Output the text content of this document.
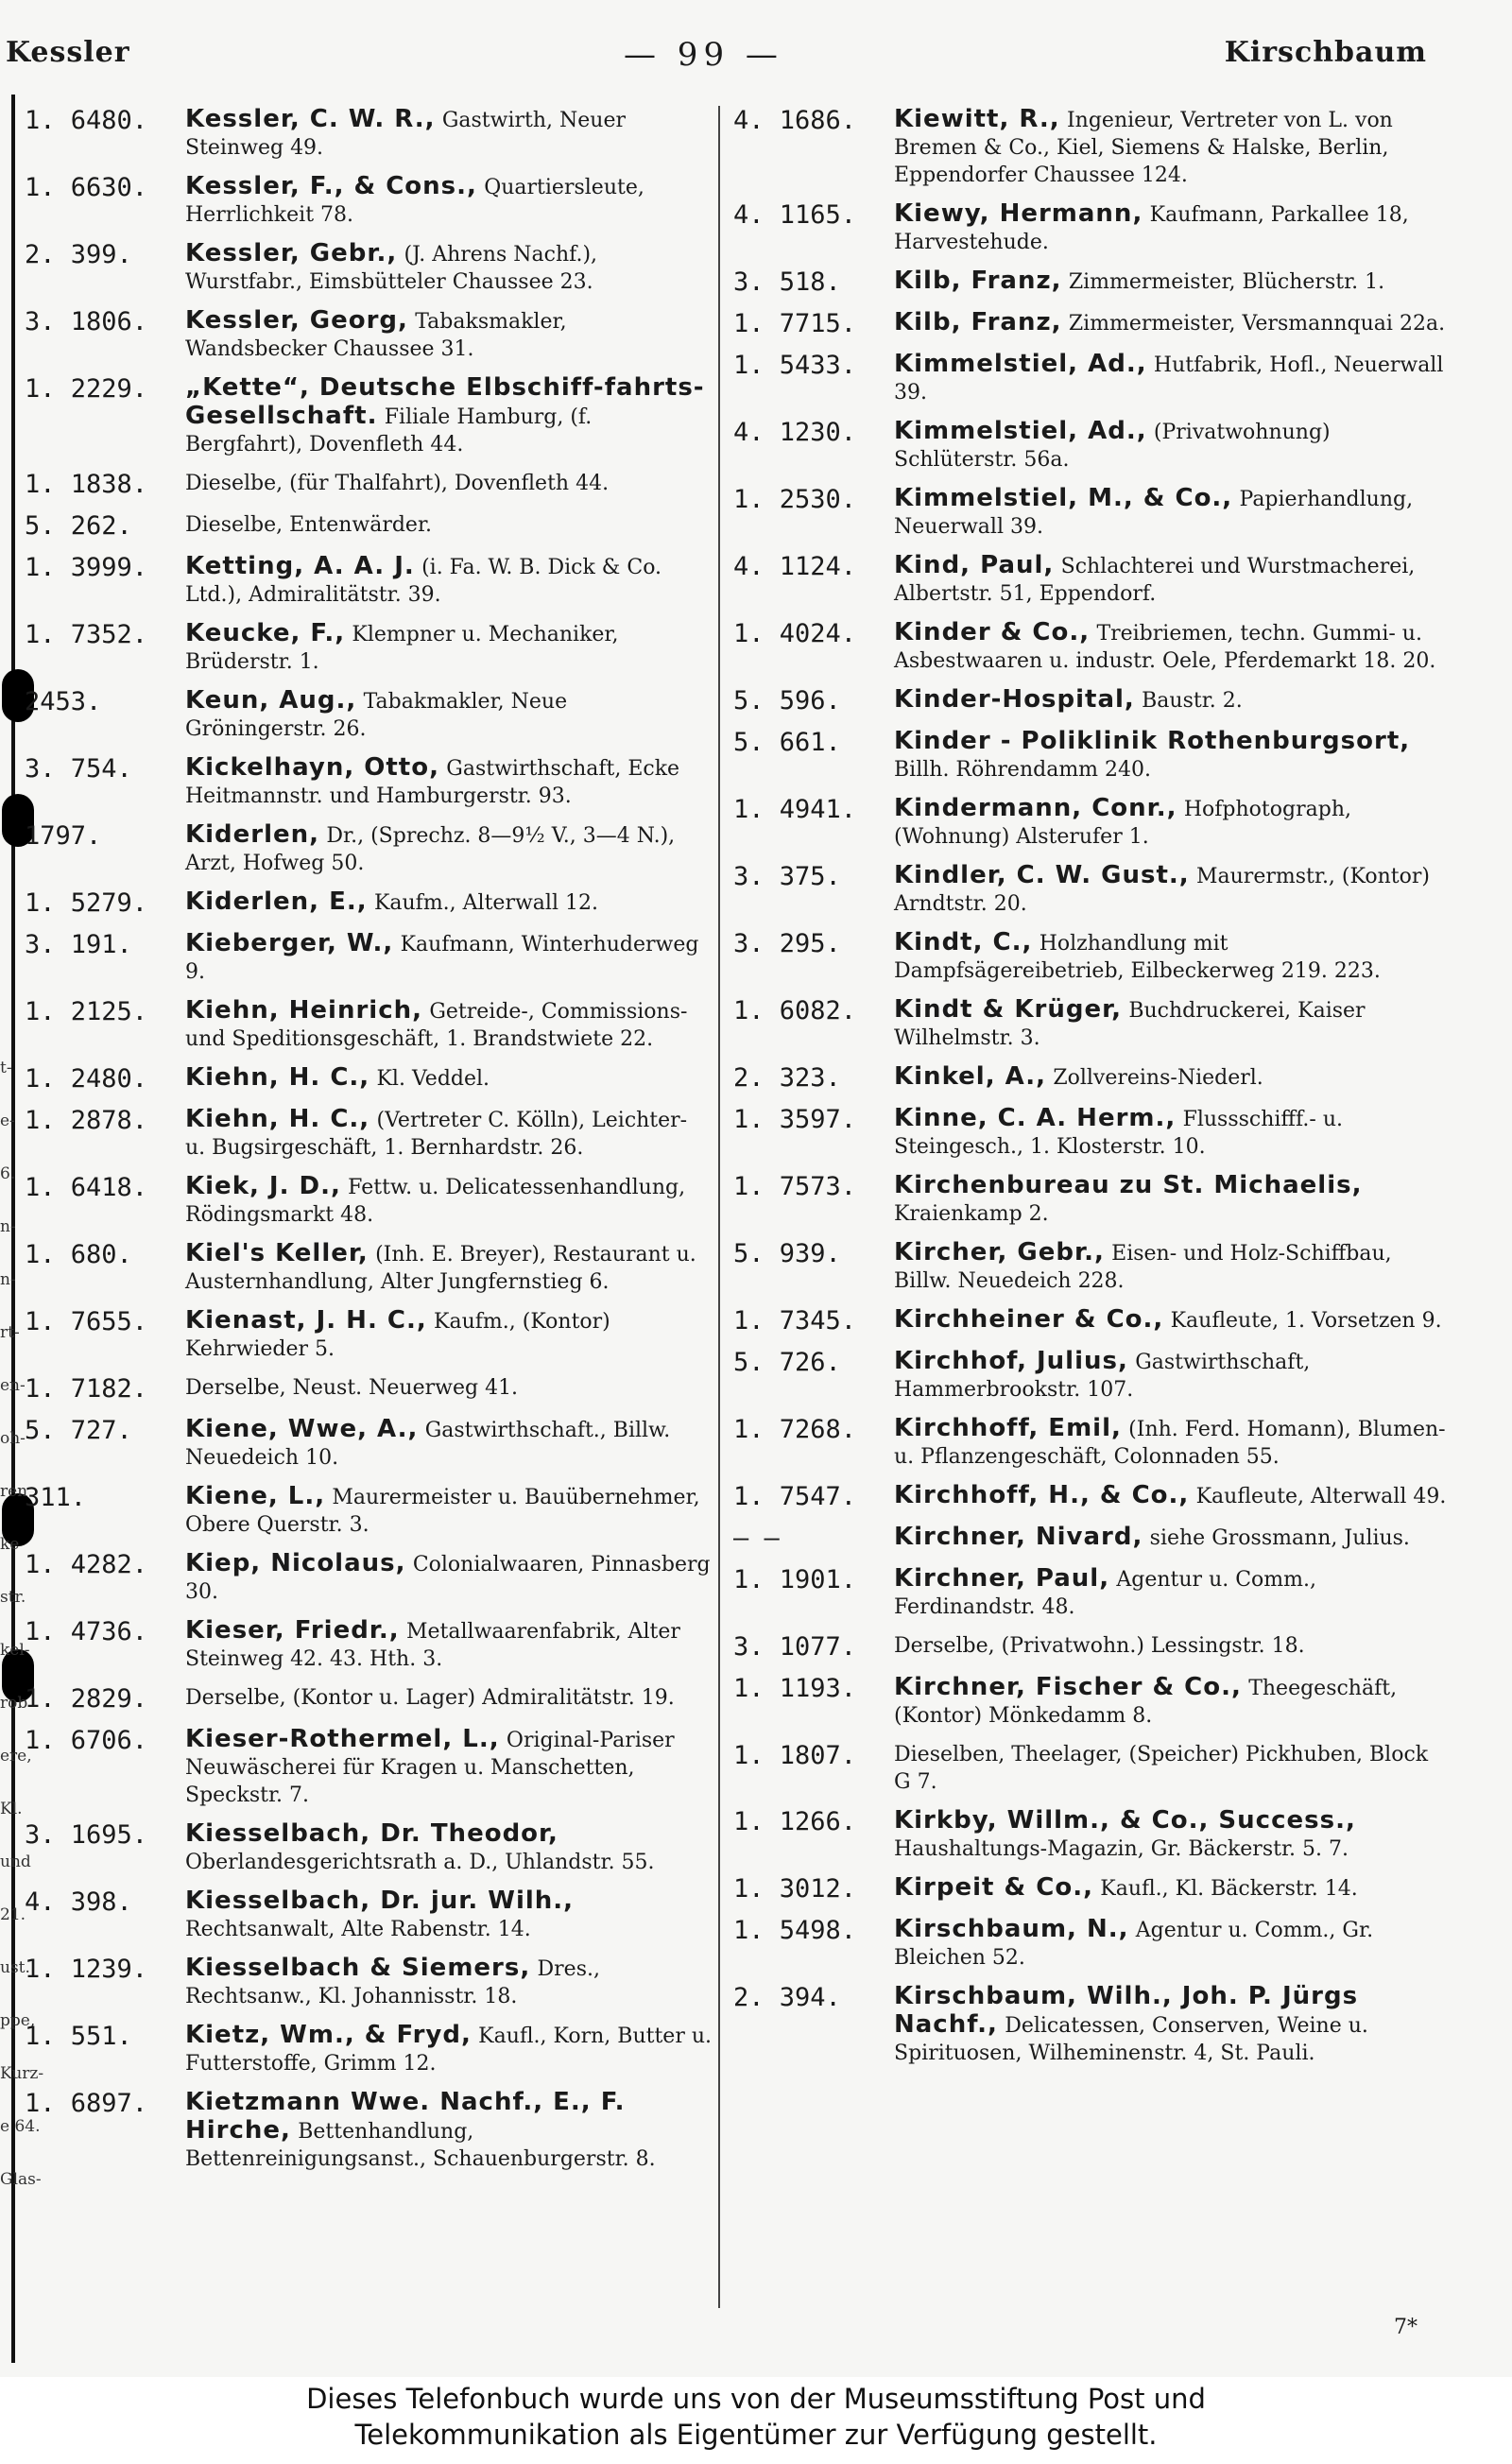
Kessler	— 99 —	Kirschbaum
t-
e-
6.
n-
n-
rt-
en-
oh-
ren
ke
str.
kel-
rob
ere,
Kl.
und
21.
ust.
ppe,
Kurz-
e 64.
Glas-
1. 6480.	Kessler, C. W. R., Gastwirth, Neuer Steinweg 49.
1. 6630.	Kessler, F., & Cons., Quartiersleute, Herrlichkeit 78.
2. 399.	Kessler, Gebr., (J. Ahrens Nachf.), Wurstfabr., Eimsbütteler Chaussee 23.
3. 1806.	Kessler, Georg, Tabaksmakler, Wandsbecker Chaussee 31.
1. 2229.	„Kette“, Deutsche Elbschiff-fahrts-Gesellschaft. Filiale Hamburg, (f. Bergfahrt), Dovenfleth 44.
1. 1838.	Dieselbe, (für Thalfahrt), Dovenfleth 44.
5. 262.	Dieselbe, Entenwärder.
1. 3999.	Ketting, A. A. J. (i. Fa. W. B. Dick & Co. Ltd.), Admiralitätstr. 39.
1. 7352.	Keucke, F., Klempner u. Mechaniker, Brüderstr. 1.
2453.	Keun, Aug., Tabakmakler, Neue Gröningerstr. 26.
3. 754.	Kickelhayn, Otto, Gastwirthschaft, Ecke Heitmannstr. und Hamburgerstr. 93.
1797.	Kiderlen, Dr., (Sprechz. 8—9½ V., 3—4 N.), Arzt, Hofweg 50.
1. 5279.	Kiderlen, E., Kaufm., Alterwall 12.
3. 191.	Kieberger, W., Kaufmann, Winterhuderweg 9.
1. 2125.	Kiehn, Heinrich, Getreide-, Commissions- und Speditionsgeschäft, 1. Brandstwiete 22.
1. 2480.	Kiehn, H. C., Kl. Veddel.
1. 2878.	Kiehn, H. C., (Vertreter C. Kölln), Leichter- u. Bugsirgeschäft, 1. Bernhardstr. 26.
1. 6418.	Kiek, J. D., Fettw. u. Delicatessenhandlung, Rödingsmarkt 48.
1. 680.	Kiel's Keller, (Inh. E. Breyer), Restaurant u. Austernhandlung, Alter Jungfernstieg 6.
1. 7655.	Kienast, J. H. C., Kaufm., (Kontor) Kehrwieder 5.
1. 7182.	Derselbe, Neust. Neuerweg 41.
5. 727.	Kiene, Wwe, A., Gastwirthschaft., Billw. Neuedeich 10.
311.	Kiene, L., Maurermeister u. Bauübernehmer, Obere Querstr. 3.
1. 4282.	Kiep, Nicolaus, Colonialwaaren, Pinnasberg 30.
1. 4736.	Kieser, Friedr., Metallwaarenfabrik, Alter Steinweg 42. 43. Hth. 3.
1. 2829.	Derselbe, (Kontor u. Lager) Admiralitätstr. 19.
1. 6706.	Kieser-Rothermel, L., Original-Pariser Neuwäscherei für Kragen u. Manschetten, Speckstr. 7.
3. 1695.	Kiesselbach, Dr. Theodor, Oberlandesgerichtsrath a. D., Uhlandstr. 55.
4. 398.	Kiesselbach, Dr. jur. Wilh., Rechtsanwalt, Alte Rabenstr. 14.
1. 1239.	Kiesselbach & Siemers, Dres., Rechtsanw., Kl. Johannisstr. 18.
1. 551.	Kietz, Wm., & Fryd, Kaufl., Korn, Butter u. Futterstoffe, Grimm 12.
1. 6897.	Kietzmann Wwe. Nachf., E., F. Hirche, Bettenhandlung, Bettenreinigungsanst., Schauenburgerstr. 8.
4. 1686.	Kiewitt, R., Ingenieur, Vertreter von L. von Bremen & Co., Kiel, Siemens & Halske, Berlin, Eppendorfer Chaussee 124.
4. 1165.	Kiewy, Hermann, Kaufmann, Parkallee 18, Harvestehude.
3. 518.	Kilb, Franz, Zimmermeister, Blücherstr. 1.
1. 7715.	Kilb, Franz, Zimmermeister, Versmannquai 22a.
1. 5433.	Kimmelstiel, Ad., Hutfabrik, Hofl., Neuerwall 39.
4. 1230.	Kimmelstiel, Ad., (Privatwohnung) Schlüterstr. 56a.
1. 2530.	Kimmelstiel, M., & Co., Papierhandlung, Neuerwall 39.
4. 1124.	Kind, Paul, Schlachterei und Wurstmacherei, Albertstr. 51, Eppendorf.
1. 4024.	Kinder & Co., Treibriemen, techn. Gummi- u. Asbestwaaren u. industr. Oele, Pferdemarkt 18. 20.
5. 596.	Kinder-Hospital, Baustr. 2.
5. 661.	Kinder - Poliklinik Rothenburgsort, Billh. Röhrendamm 240.
1. 4941.	Kindermann, Conr., Hofphotograph, (Wohnung) Alsterufer 1.
3. 375.	Kindler, C. W. Gust., Maurermstr., (Kontor) Arndtstr. 20.
3. 295.	Kindt, C., Holzhandlung mit Dampfsägereibetrieb, Eilbeckerweg 219. 223.
1. 6082.	Kindt & Krüger, Buchdruckerei, Kaiser Wilhelmstr. 3.
2. 323.	Kinkel, A., Zollvereins-Niederl.
1. 3597.	Kinne, C. A. Herm., Flussschifff.- u. Steingesch., 1. Klosterstr. 10.
1. 7573.	Kirchenbureau zu St. Michaelis, Kraienkamp 2.
5. 939.	Kircher, Gebr., Eisen- und Holz-Schiffbau, Billw. Neuedeich 228.
1. 7345.	Kirchheiner & Co., Kaufleute, 1. Vorsetzen 9.
5. 726.	Kirchhof, Julius, Gastwirthschaft, Hammerbrookstr. 107.
1. 7268.	Kirchhoff, Emil, (Inh. Ferd. Homann), Blumen- u. Pflanzengeschäft, Colonnaden 55.
1. 7547.	Kirchhoff, H., & Co., Kaufleute, Alterwall 49.
— —	Kirchner, Nivard, siehe Grossmann, Julius.
1. 1901.	Kirchner, Paul, Agentur u. Comm., Ferdinandstr. 48.
3. 1077.	Derselbe, (Privatwohn.) Lessingstr. 18.
1. 1193.	Kirchner, Fischer & Co., Theegeschäft, (Kontor) Mönkedamm 8.
1. 1807.	Dieselben, Theelager, (Speicher) Pickhuben, Block G 7.
1. 1266.	Kirkby, Willm., & Co., Success., Haushaltungs-Magazin, Gr. Bäckerstr. 5. 7.
1. 3012.	Kirpeit & Co., Kaufl., Kl. Bäckerstr. 14.
1. 5498.	Kirschbaum, N., Agentur u. Comm., Gr. Bleichen 52.
2. 394.	Kirschbaum, Wilh., Joh. P. Jürgs Nachf., Delicatessen, Conserven, Weine u. Spirituosen, Wilheminenstr. 4, St. Pauli.
7*
Dieses Telefonbuch wurde uns von der Museumsstiftung Post und
Telekommunikation als Eigentümer zur Verfügung gestellt.
